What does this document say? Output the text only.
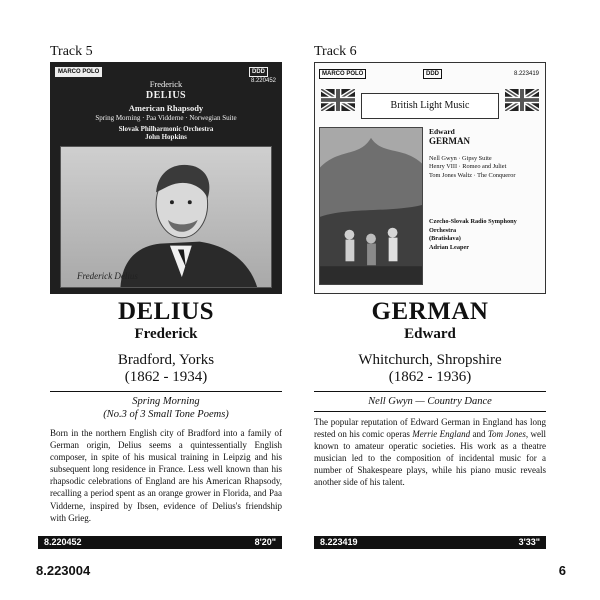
Track 5
MARCO POLO	DDD
8.220452
Frederick
DELIUS
American Rhapsody
Spring Morning · Paa Vidderne · Norwegian Suite
Slovak Philharmonic Orchestra
John Hopkins
Frederick Delius
DELIUS
Frederick
Bradford, Yorks
(1862 - 1934)
Spring Morning
(No.3 of 3 Small Tone Poems)
Born in the northern English city of Bradford into a family of German origin, Delius seems a quintessentially English composer, in spite of his musical training in Leipzig and his subsequent long residence in France. Less well known than his rhapsodic celebrations of England are his American Rhapsody, recalling a period spent as an orange grower in Florida, and Paa Vidderne, inspired by Ibsen, evidence of Delius's friendship with Grieg.
Track 6
MARCO POLO	DDD	8.223419
British Light Music
Edward
GERMAN
Nell Gwyn · Gipsy Suite
Henry VIII · Romeo and Juliet
Tom Jones Waltz · The Conqueror
Czecho-Slovak Radio Symphony
Orchestra
(Bratislava)
Adrian Leaper
GERMAN
Edward
Whitchurch, Shropshire
(1862 - 1936)
Nell Gwyn — Country Dance
The popular reputation of Edward German in England has long rested on his comic operas Merrie England and Tom Jones, well known to amateur operatic societies. His work as a theatre musician led to the composition of incidental music for a number of Shakespeare plays, while his piano music reveals another side of his talent.
8.220452	8'20"	8.223419	3'33"
8.223004	6
